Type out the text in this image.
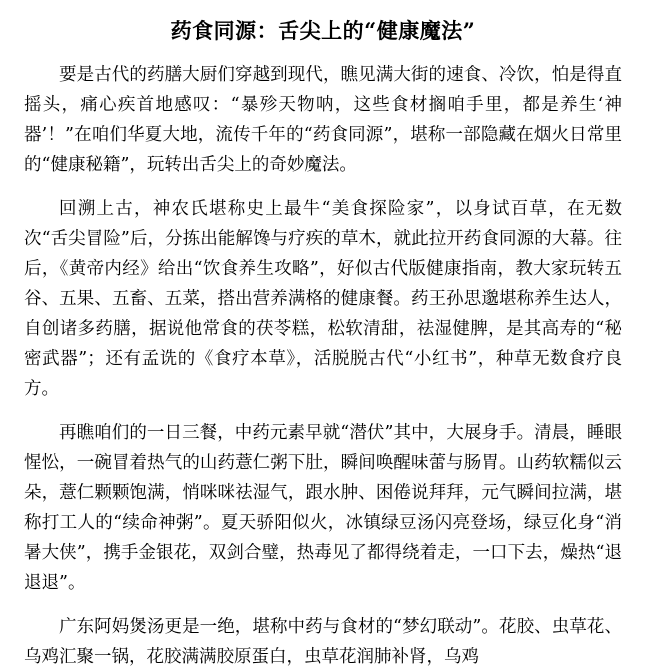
药食同源：舌尖上的“健康魔法”

要是古代的药膳大厨们穿越到现代，瞧见满大街的速食、冷饮，怕是得直摇头，痛心疾首地感叹：“暴殄天物呐，这些食材搁咱手里，都是养生‘神器’！”在咱们华夏大地，流传千年的“药食同源”，堪称一部隐藏在烟火日常里的“健康秘籍”，玩转出舌尖上的奇妙魔法。

回溯上古，神农氏堪称史上最牛“美食探险家”，以身试百草，在无数次“舌尖冒险”后，分拣出能解馋与疗疾的草木，就此拉开药食同源的大幕。往后，《黄帝内经》给出“饮食养生攻略”，好似古代版健康指南，教大家玩转五谷、五果、五畜、五菜，搭出营养满格的健康餐。药王孙思邈堪称养生达人，自创诸多药膳，据说他常食的茯苓糕，松软清甜，祛湿健脾，是其高寿的“秘密武器”；还有孟诜的《食疗本草》，活脱脱古代“小红书”，种草无数食疗良方。

再瞧咱们的一日三餐，中药元素早就“潜伏”其中，大展身手。清晨，睡眼惺忪，一碗冒着热气的山药薏仁粥下肚，瞬间唤醒味蕾与肠胃。山药软糯似云朵，薏仁颗颗饱满，悄咪咪祛湿气，跟水肿、困倦说拜拜，元气瞬间拉满，堪称打工人的“续命神粥”。夏天骄阳似火，冰镇绿豆汤闪亮登场，绿豆化身“消暑大侠”，携手金银花，双剑合璧，热毒见了都得绕着走，一口下去，燥热“退退退”。

广东阿妈煲汤更是一绝，堪称中药与食材的“梦幻联动”。花胶、虫草花、乌鸡汇聚一锅，花胶满满胶原蛋白，虫草花润肺补肾，乌鸡
